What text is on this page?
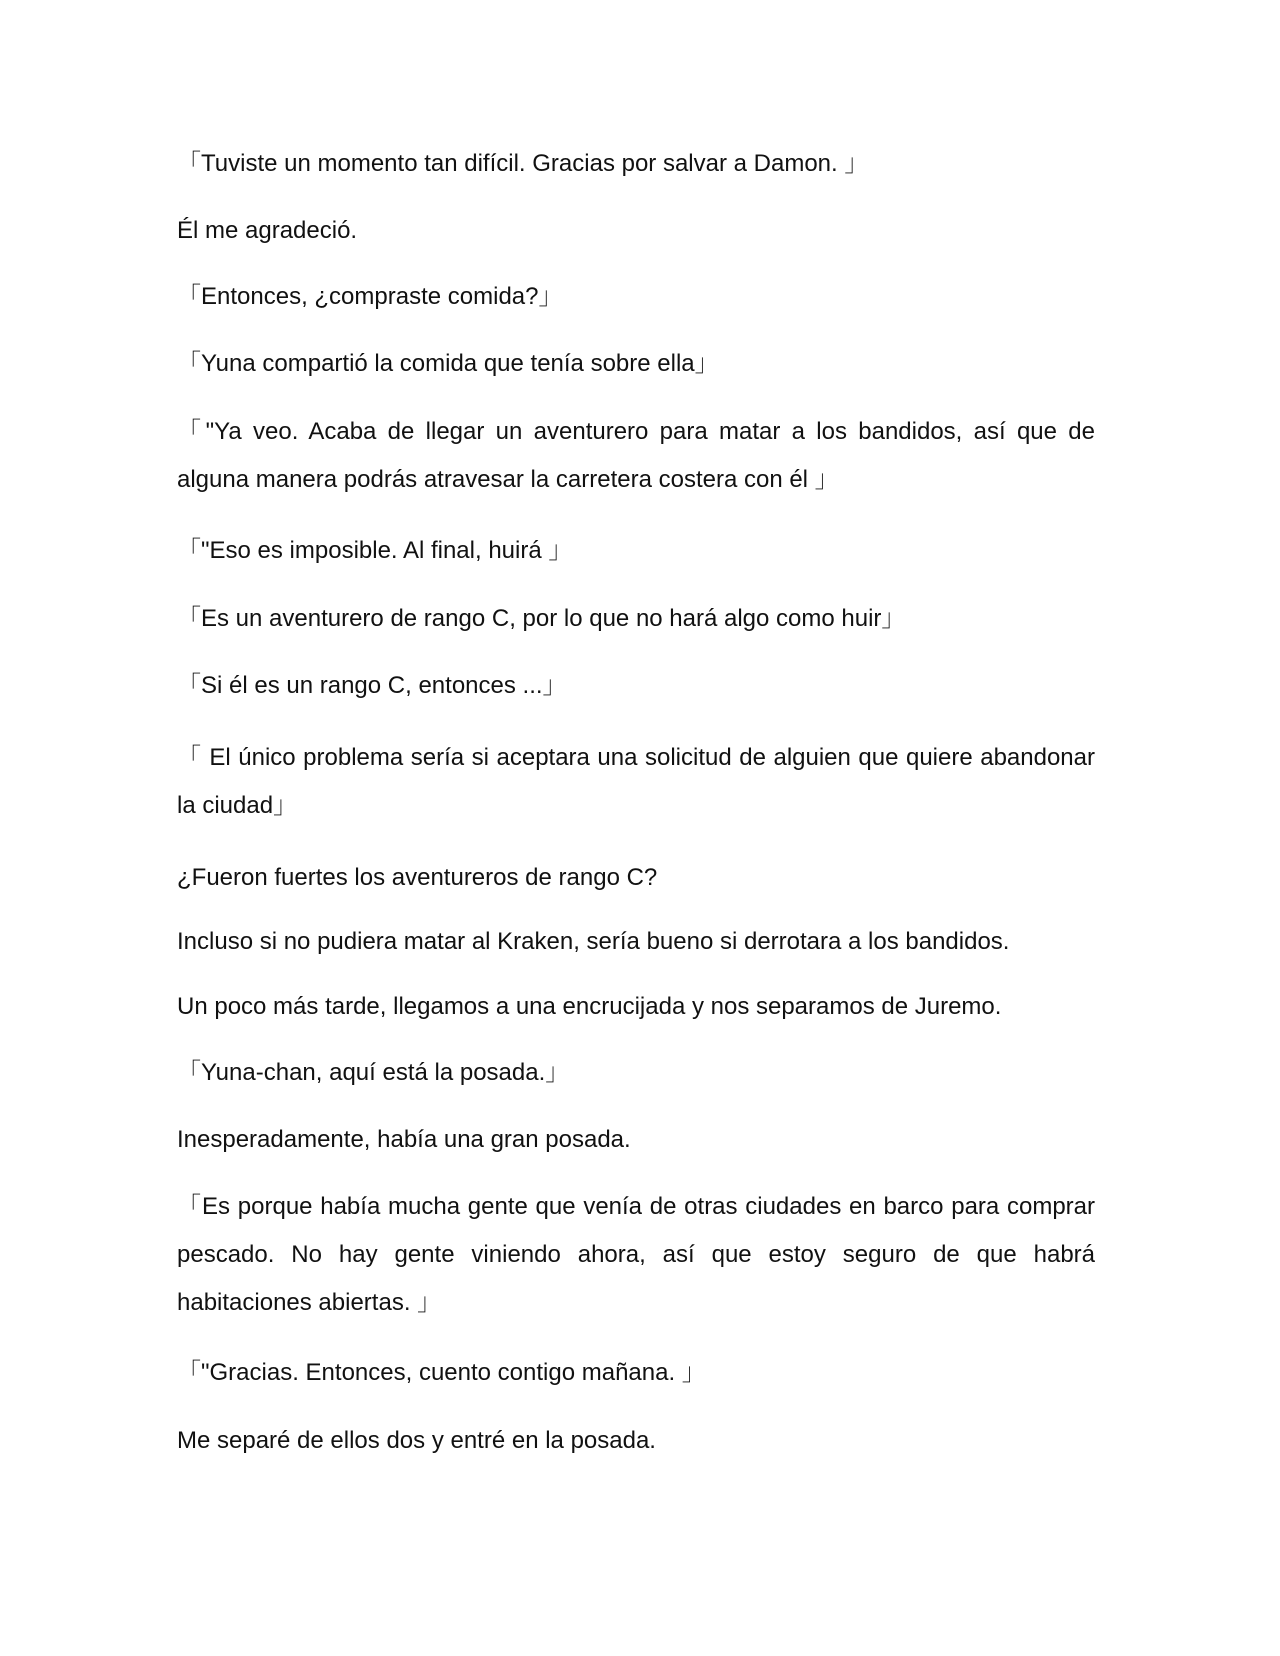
「Tuviste un momento tan difícil. Gracias por salvar a Damon. 」

Él me agradeció.

「Entonces, ¿compraste comida?」

「Yuna compartió la comida que tenía sobre ella」

「"Ya veo. Acaba de llegar un aventurero para matar a los bandidos, así que de alguna manera podrás atravesar la carretera costera con él 」

「"Eso es imposible. Al final, huirá 」

「Es un aventurero de rango C, por lo que no hará algo como huir」

「Si él es un rango C, entonces ...」

「 El único problema sería si aceptara una solicitud de alguien que quiere abandonar la ciudad」

¿Fueron fuertes los aventureros de rango C?

Incluso si no pudiera matar al Kraken, sería bueno si derrotara a los bandidos.

Un poco más tarde, llegamos a una encrucijada y nos separamos de Juremo.

「Yuna-chan, aquí está la posada.」

Inesperadamente, había una gran posada.

「Es porque había mucha gente que venía de otras ciudades en barco para comprar pescado. No hay gente viniendo ahora, así que estoy seguro de que habrá habitaciones abiertas. 」

「"Gracias. Entonces, cuento contigo mañana. 」

Me separé de ellos dos y entré en la posada.
